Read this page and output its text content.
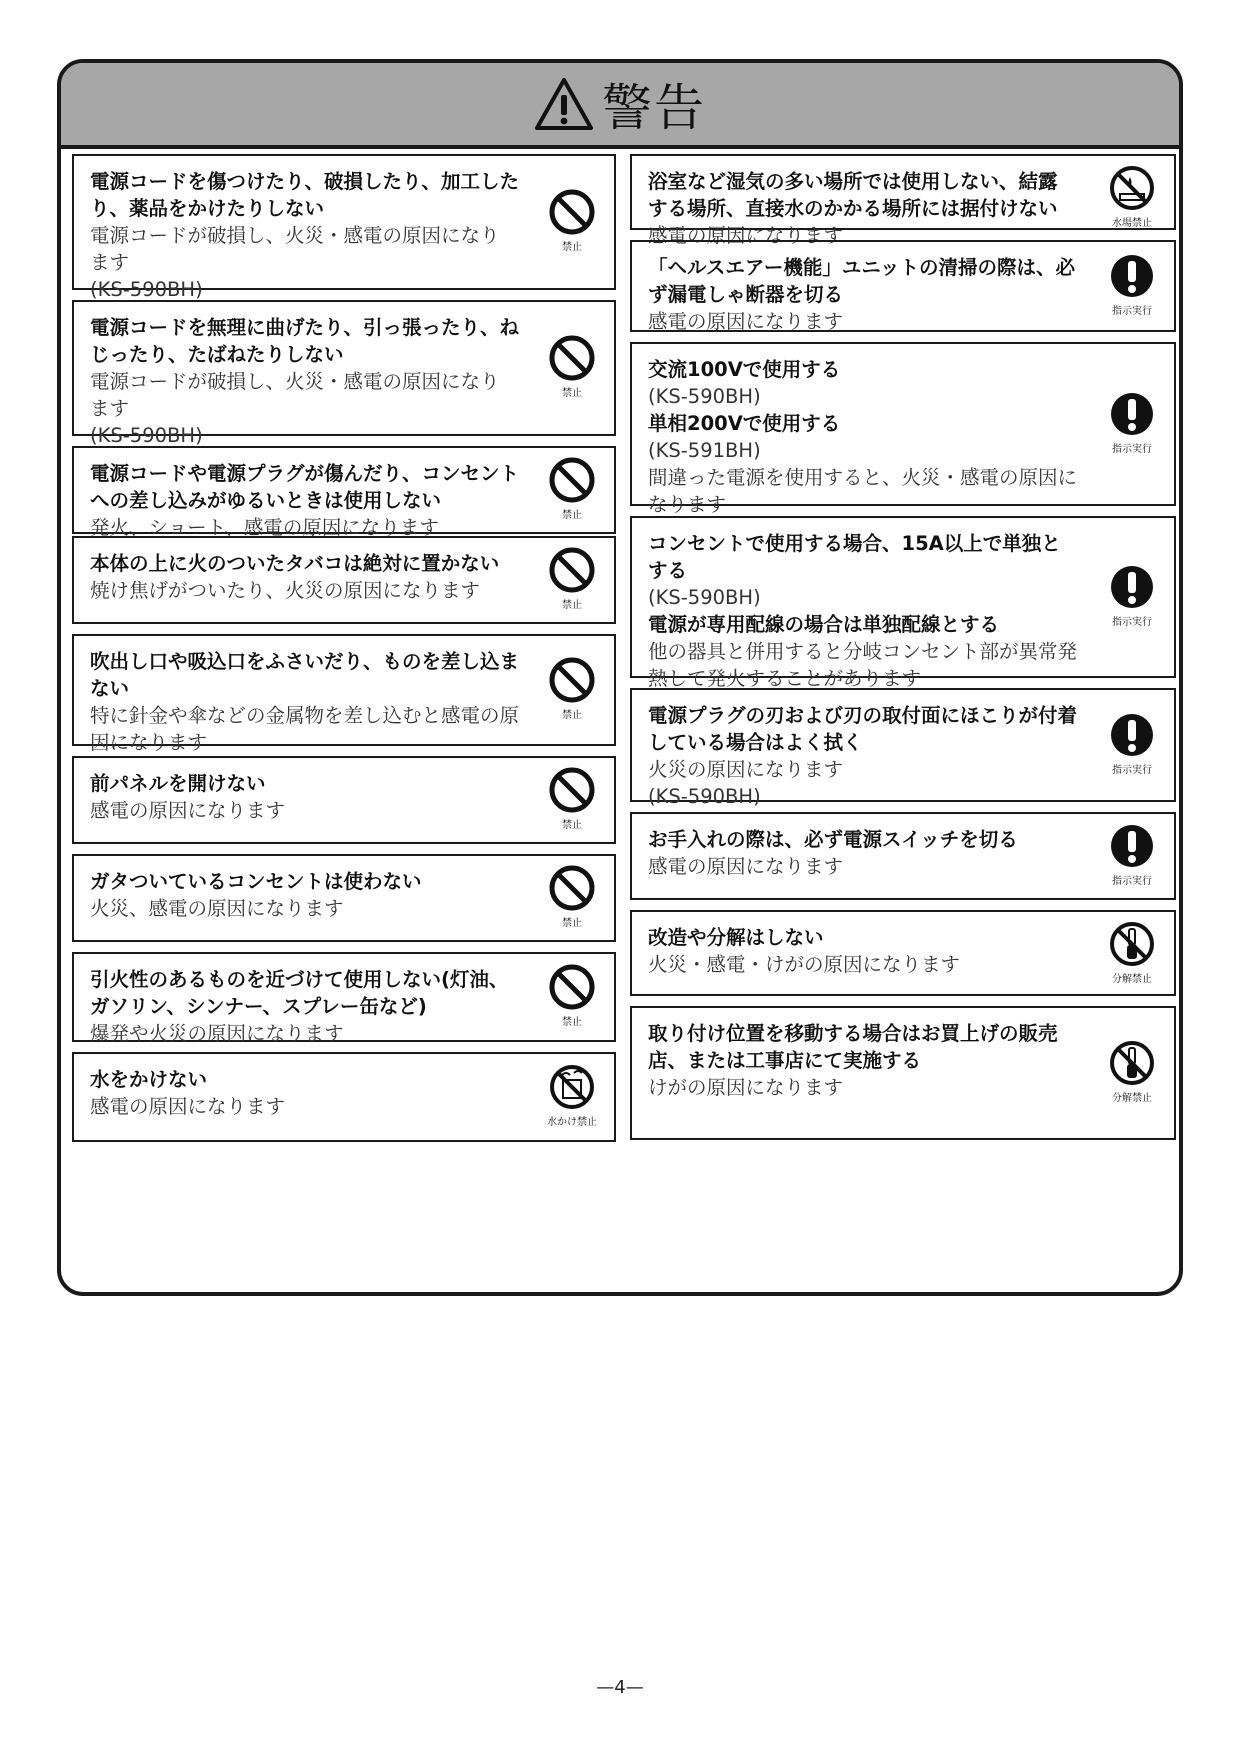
警告
電源コードを傷つけたり、破損したり、加工した
り、薬品をかけたりしない
電源コードが破損し、火災・感電の原因になり
ます
(KS-590BH)
禁止
電源コードを無理に曲げたり、引っ張ったり、ね
じったり、たばねたりしない
電源コードが破損し、火災・感電の原因になり
ます
(KS-590BH)
禁止
電源コードや電源プラグが傷んだり、コンセント
への差し込みがゆるいときは使用しない
発火、ショート、感電の原因になります
禁止
本体の上に火のついたタバコは絶対に置かない
焼け焦げがついたり、火災の原因になります
禁止
吹出し口や吸込口をふさいだり、ものを差し込ま
ない
特に針金や傘などの金属物を差し込むと感電の原
因になります
禁止
前パネルを開けない
感電の原因になります
禁止
ガタついているコンセントは使わない
火災、感電の原因になります
禁止
引火性のあるものを近づけて使用しない(灯油、
ガソリン、シンナー、スプレー缶など)
爆発や火災の原因になります	禁止
水をかけない
感電の原因になります
水かけ禁止
浴室など湿気の多い場所では使用しない、結露
する場所、直接水のかかる場所には据付けない
感電の原因になります
水場禁止
「ヘルスエアー機能」ユニットの清掃の際は、必
ず漏電しゃ断器を切る
感電の原因になります	指示実行
交流100Vで使用する
(KS-590BH)
単相200Vで使用する
(KS-591BH)
間違った電源を使用すると、火災・感電の原因に
なります
指示実行
コンセントで使用する場合、15A以上で単独と
する
(KS-590BH)
電源が専用配線の場合は単独配線とする
他の器具と併用すると分岐コンセント部が異常発
熱して発火することがあります
指示実行
電源プラグの刃および刃の取付面にほこりが付着
している場合はよく拭く
火災の原因になります
(KS-590BH)
指示実行
お手入れの際は、必ず電源スイッチを切る
感電の原因になります
指示実行
改造や分解はしない
火災・感電・けがの原因になります
分解禁止
取り付け位置を移動する場合はお買上げの販売
店、または工事店にて実施する
けがの原因になります	分解禁止
—4—
